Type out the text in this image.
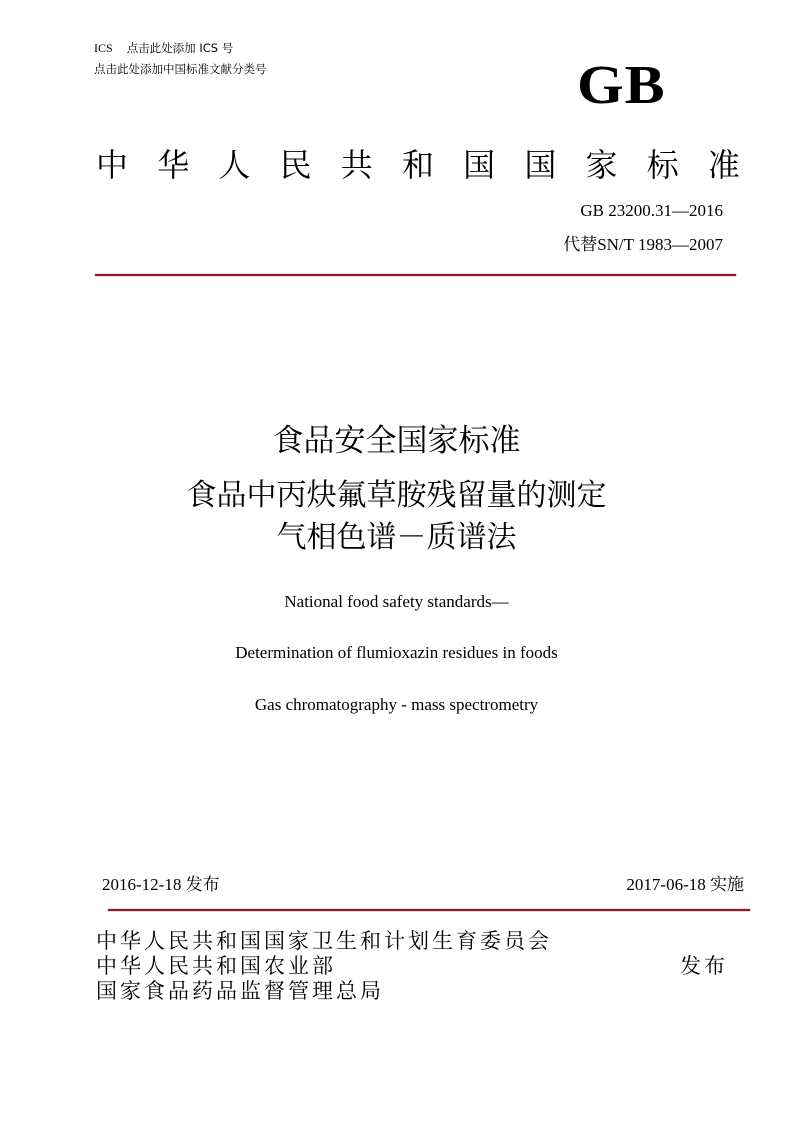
ICS 点击此处添加 ICS 号
点击此处添加中国标准文献分类号	GB
中 华 人 民 共 和 国 国 家 标 准
GB 23200.31—2016
代替SN/T 1983—2007
食品安全国家标准
食品中丙炔氟草胺残留量的测定
气相色谱－质谱法
National food safety standards—
Determination of flumioxazin residues in foods
Gas chromatography - mass spectrometry
2016-12-18 发布	2017-06-18 实施
中华人民共和国国家卫生和计划生育委员会
中华人民共和国农业部
国家食品药品监督管理总局
发布
